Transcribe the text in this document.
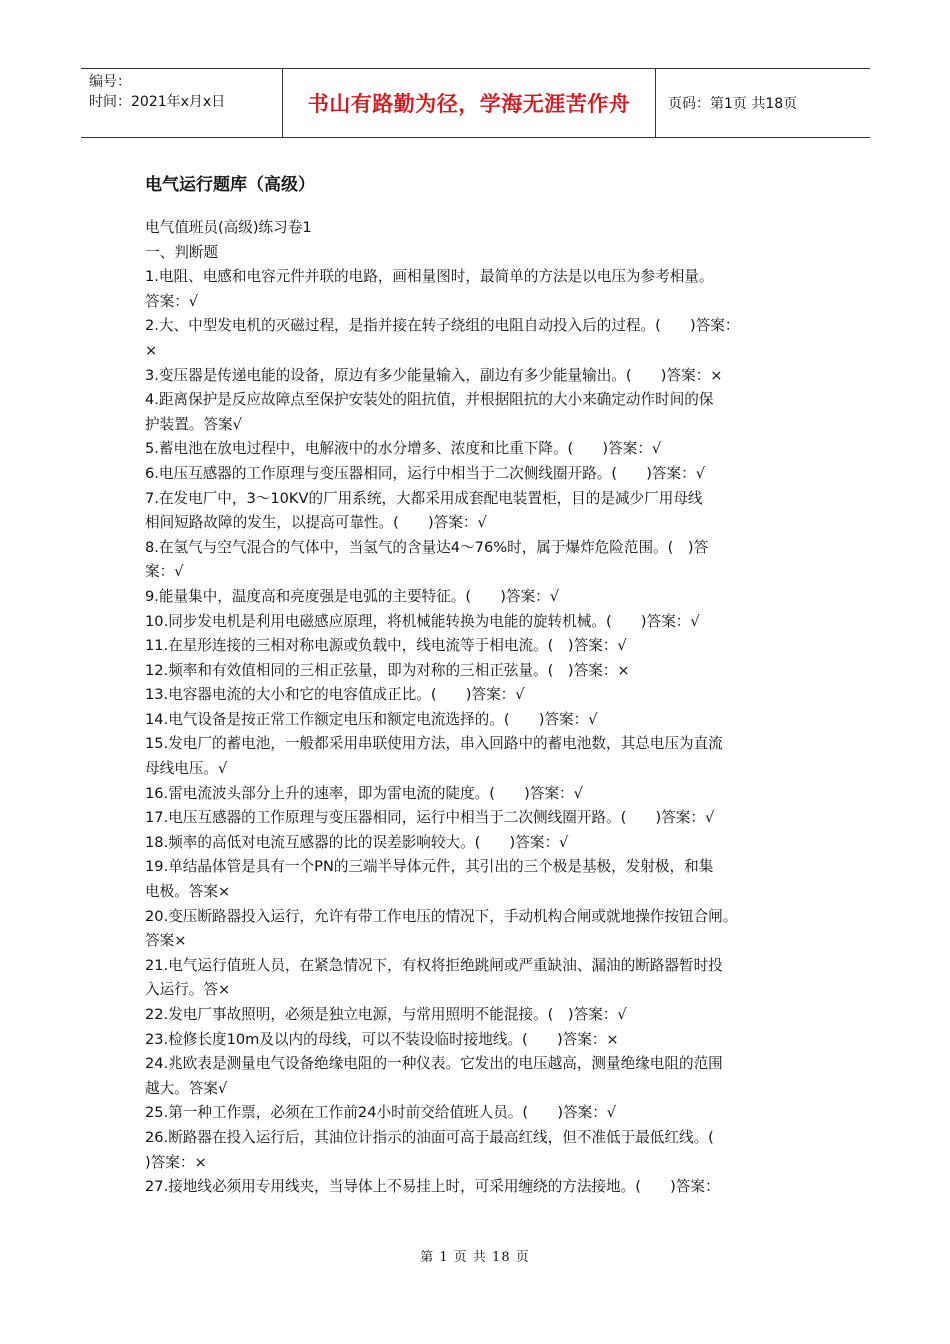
编号：
时间：2021年x月x日	书山有路勤为径，学海无涯苦作舟	页码：第1页 共18页
电气运行题库（高级）

电气值班员(高级)练习卷1

一、判断题

1.电阻、电感和电容元件并联的电路，画相量图时，最简单的方法是以电压为参考相量。

答案：√

2.大、中型发电机的灭磁过程，是指并接在转子绕组的电阻自动投入后的过程。(　　)答案：

×

3.变压器是传递电能的设备，原边有多少能量输入，副边有多少能量输出。(　　)答案：×

4.距离保护是反应故障点至保护安装处的阻抗值，并根据阻抗的大小来确定动作时间的保

护装置。答案√

5.蓄电池在放电过程中，电解液中的水分增多、浓度和比重下降。(　　)答案：√

6.电压互感器的工作原理与变压器相同，运行中相当于二次侧线圈开路。(　　)答案：√

7.在发电厂中，3～10KV的厂用系统，大都采用成套配电装置柜，目的是减少厂用母线

相间短路故障的发生，以提高可靠性。(　　)答案：√

8.在氢气与空气混合的气体中，当氢气的含量达4～76%时，属于爆炸危险范围。(　)答

案：√

9.能量集中，温度高和亮度强是电弧的主要特征。(　　)答案：√

10.同步发电机是利用电磁感应原理，将机械能转换为电能的旋转机械。(　　)答案：√

11.在星形连接的三相对称电源或负载中，线电流等于相电流。(　)答案：√

12.频率和有效值相同的三相正弦量，即为对称的三相正弦量。(　)答案：×

13.电容器电流的大小和它的电容值成正比。(　　)答案：√

14.电气设备是按正常工作额定电压和额定电流选择的。(　　)答案：√

15.发电厂的蓄电池，一般都采用串联使用方法，串入回路中的蓄电池数，其总电压为直流

母线电压。√

16.雷电流波头部分上升的速率，即为雷电流的陡度。(　　)答案：√

17.电压互感器的工作原理与变压器相同，运行中相当于二次侧线圈开路。(　　)答案：√

18.频率的高低对电流互感器的比的误差影响较大。(　　)答案：√

19.单结晶体管是具有一个PN的三端半导体元件，其引出的三个极是基极，发射极，和集

电极。答案×

20.变压断路器投入运行，允许有带工作电压的情况下，手动机构合闸或就地操作按钮合闸。

答案×

21.电气运行值班人员，在紧急情况下，有权将拒绝跳闸或严重缺油、漏油的断路器暂时投

入运行。答×

22.发电厂事故照明，必须是独立电源，与常用照明不能混接。(　)答案：√

23.检修长度10m及以内的母线，可以不装设临时接地线。(　　)答案：×

24.兆欧表是测量电气设备绝缘电阻的一种仪表。它发出的电压越高，测量绝缘电阻的范围

越大。答案√

25.第一种工作票，必须在工作前24小时前交给值班人员。(　　)答案：√

26.断路器在投入运行后，其油位计指示的油面可高于最高红线，但不准低于最低红线。(

)答案：×

27.接地线必须用专用线夹，当导体上不易挂上时，可采用缠绕的方法接地。(　　)答案：

第 1 页 共 18 页
